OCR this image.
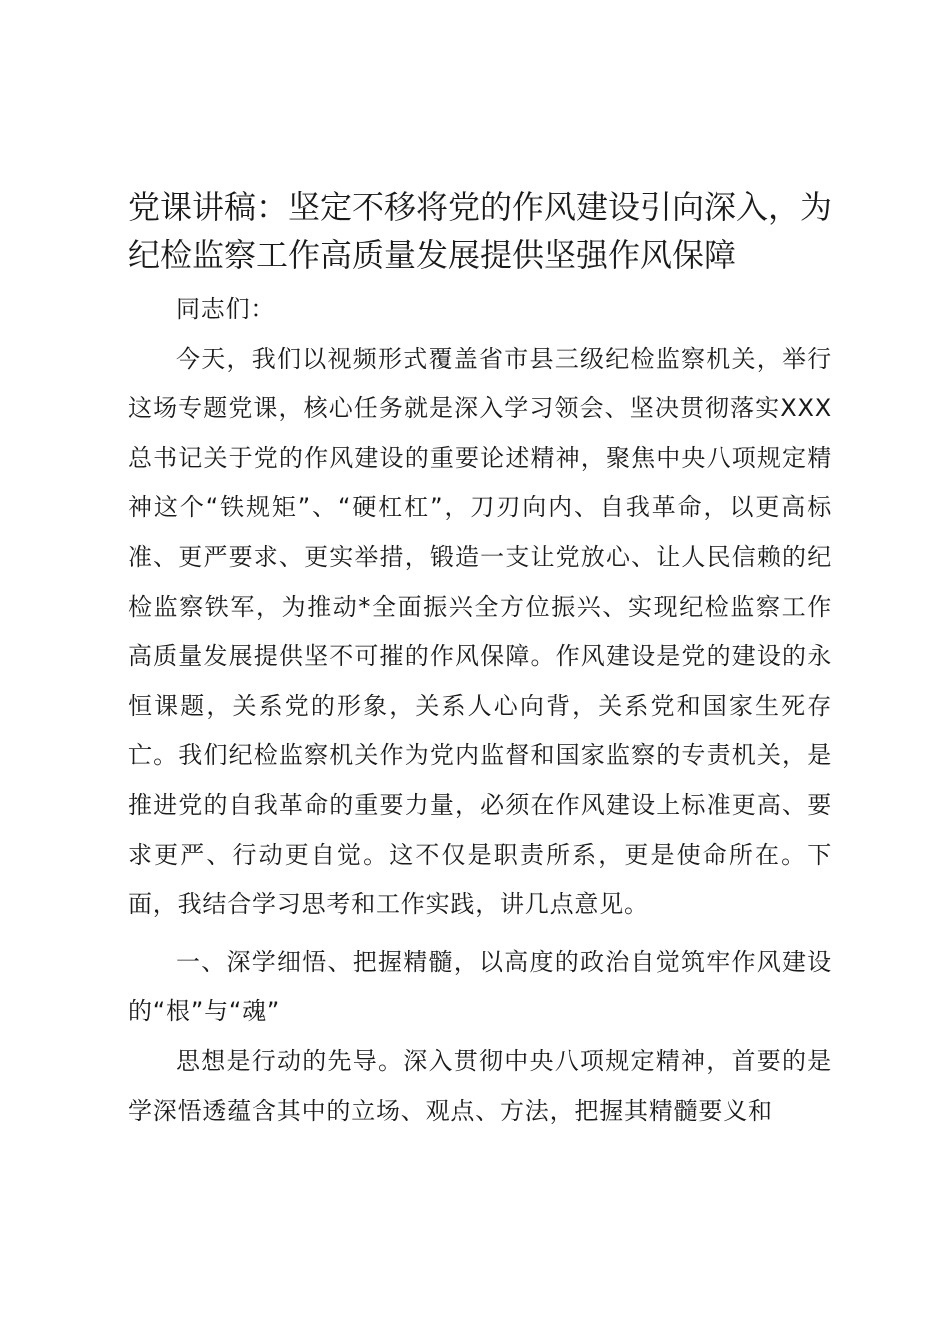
党课讲稿：坚定不移将党的作风建设引向深入，为纪检监察工作高质量发展提供坚强作风保障

同志们：

今天，我们以视频形式覆盖省市县三级纪检监察机关，举行这场专题党课，核心任务就是深入学习领会、坚决贯彻落实XXX总书记关于党的作风建设的重要论述精神，聚焦中央八项规定精神这个“铁规矩”、“硬杠杠”，刀刃向内、自我革命，以更高标准、更严要求、更实举措，锻造一支让党放心、让人民信赖的纪检监察铁军，为推动*全面振兴全方位振兴、实现纪检监察工作高质量发展提供坚不可摧的作风保障。作风建设是党的建设的永恒课题，关系党的形象，关系人心向背，关系党和国家生死存亡。我们纪检监察机关作为党内监督和国家监察的专责机关，是推进党的自我革命的重要力量，必须在作风建设上标准更高、要求更严、行动更自觉。这不仅是职责所系，更是使命所在。下面，我结合学习思考和工作实践，讲几点意见。

一、深学细悟、把握精髓，以高度的政治自觉筑牢作风建设的“根”与“魂”

思想是行动的先导。深入贯彻中央八项规定精神，首要的是学深悟透蕴含其中的立场、观点、方法，把握其精髓要义和
